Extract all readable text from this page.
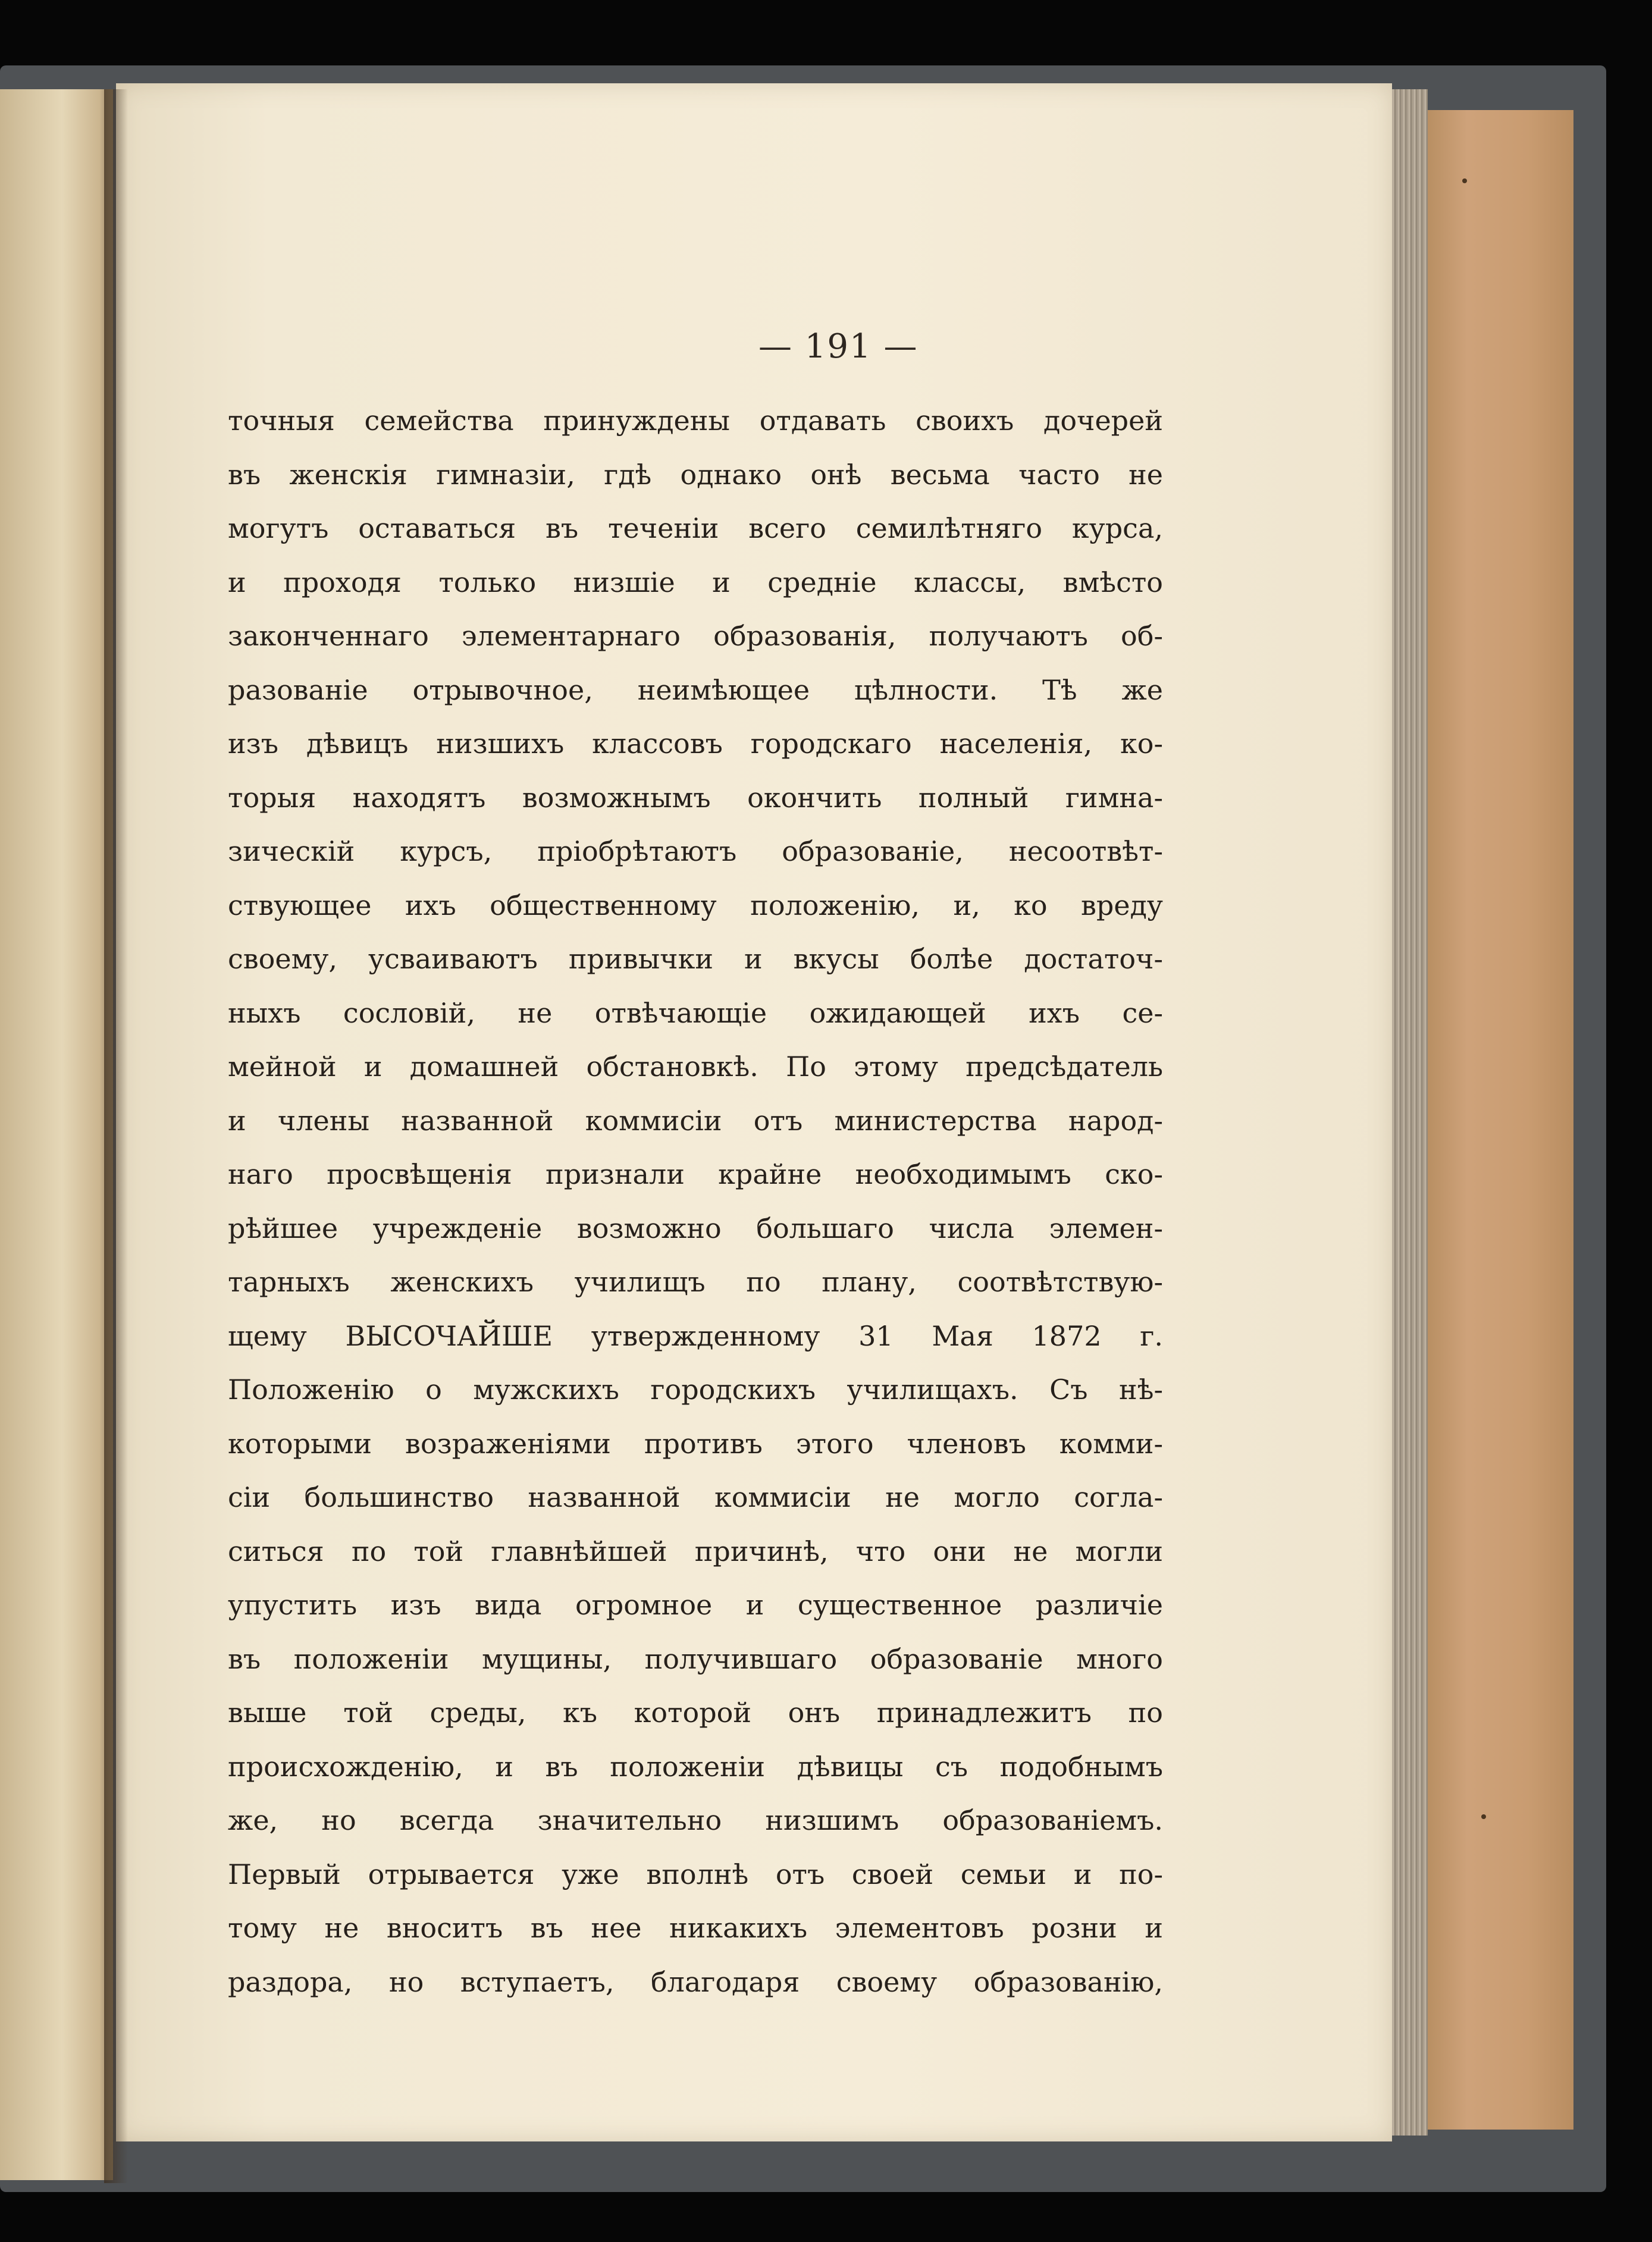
— 191 —
точныя семейства принуждены отдавать своихъ дочерей
въ женскія гимназіи, гдѣ однако онѣ весьма часто не
могутъ оставаться въ теченіи всего семилѣтняго курса,
и проходя только низшіе и среднiе классы, вмѣсто
законченнаго элементарнаго образованія, получаютъ об-
разованіе отрывочное, неимѣющее цѣлности. Тѣ же
изъ дѣвицъ низшихъ классовъ городскаго населенія, ко-
торыя находятъ возможнымъ окончить полный гимна-
зическій курсъ, пріобрѣтаютъ образованіе, несоотвѣт-
ствующее ихъ общественному положенію, и, ко вреду
своему, усваиваютъ привычки и вкусы болѣе достаточ-
ныхъ сословій, не отвѣчающіе ожидающей ихъ се-
мейной и домашней обстановкѣ. По этому предсѣдатель
и члены названной коммисіи отъ министерства народ-
наго просвѣщенія признали крайне необходимымъ ско-
рѣйшее учрежденіе возможно большаго числа элемен-
тарныхъ женскихъ училищъ по плану, соотвѣтствую-
щему ВЫСОЧАЙШЕ утвержденному 31 Мая 1872 г.
Положенію о мужскихъ городскихъ училищахъ. Съ нѣ-
которыми возраженіями противъ этого членовъ комми-
сіи большинство названной коммисіи не могло согла-
ситься по той главнѣйшей причинѣ, что они не могли
упустить изъ вида огромное и существенное различіе
въ положеніи мущины, получившаго образованіе много
выше той среды, къ которой онъ принадлежитъ по
происхожденію, и въ положеніи дѣвицы съ подобнымъ
же, но всегда значительно низшимъ образованіемъ.
Первый отрывается уже вполнѣ отъ своей семьи и по-
тому не вноситъ въ нее никакихъ элементовъ розни и
раздора, но вступаетъ, благодаря своему образованію,
